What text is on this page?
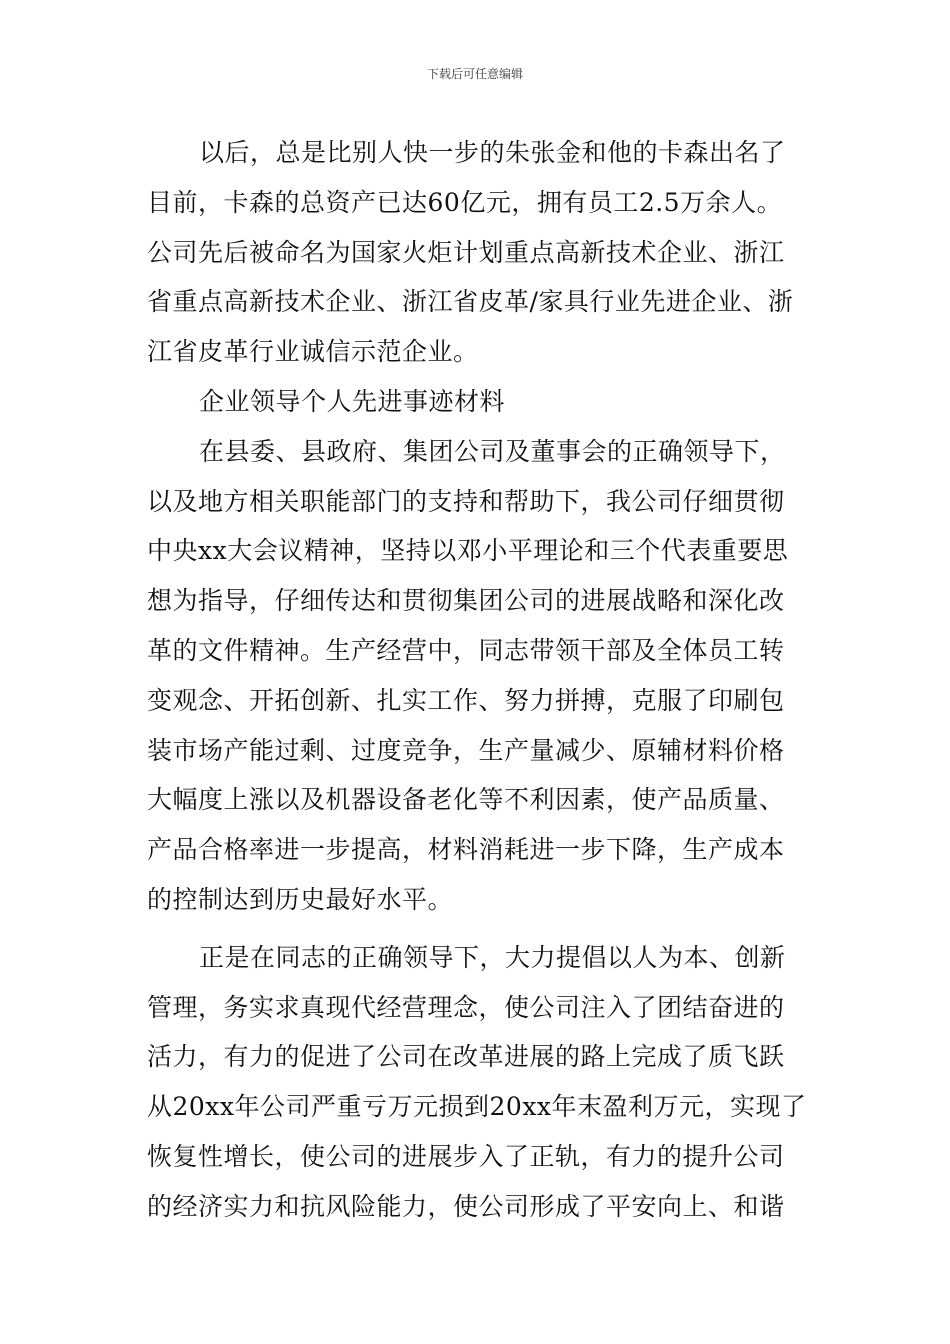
下载后可任意编辑
以后，总是比别人快一步的朱张金和他的卡森出名了
目前，卡森的总资产已达60亿元，拥有员工2.5万余人。
公司先后被命名为国家火炬计划重点高新技术企业、浙江
省重点高新技术企业、浙江省皮革/家具行业先进企业、浙
江省皮革行业诚信示范企业。
企业领导个人先进事迹材料
在县委、县政府、集团公司及董事会的正确领导下，
以及地方相关职能部门的支持和帮助下，我公司仔细贯彻
中央xx大会议精神，坚持以邓小平理论和三个代表重要思
想为指导，仔细传达和贯彻集团公司的进展战略和深化改
革的文件精神。生产经营中，同志带领干部及全体员工转
变观念、开拓创新、扎实工作、努力拼搏，克服了印刷包
装市场产能过剩、过度竞争，生产量减少、原辅材料价格
大幅度上涨以及机器设备老化等不利因素，使产品质量、
产品合格率进一步提高，材料消耗进一步下降，生产成本
的控制达到历史最好水平。
正是在同志的正确领导下，大力提倡以人为本、创新
管理，务实求真现代经营理念，使公司注入了团结奋进的
活力，有力的促进了公司在改革进展的路上完成了质飞跃
从20xx年公司严重亏万元损到20xx年末盈利万元，实现了
恢复性增长，使公司的进展步入了正轨，有力的提升公司
的经济实力和抗风险能力，使公司形成了平安向上、和谐
